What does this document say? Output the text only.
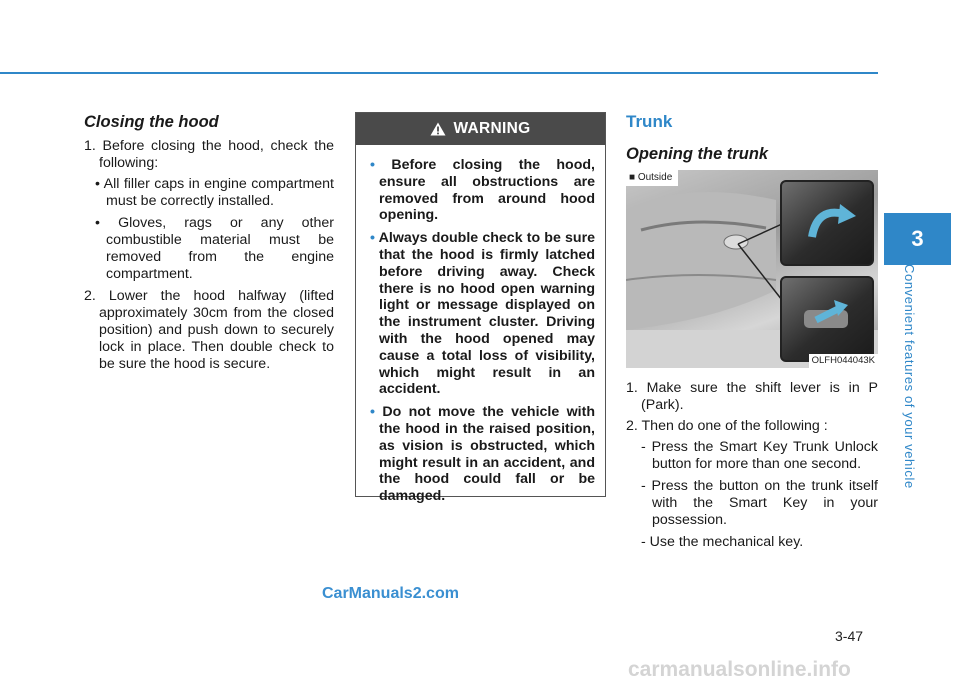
Closing the hood
1. Before closing the hood, check the following:
• All filler caps in engine compartment must be correctly installed.
• Gloves, rags or any other combustible material must be removed from the engine compartment.
2. Lower the hood halfway (lifted approximately 30cm from the closed position) and push down to securely lock in place. Then double check to be sure the hood is secure.
WARNING
• Before closing the hood, ensure all obstructions are removed from around hood opening.
• Always double check to be sure that the hood is firmly latched before driving away. Check there is no hood open warning light or message displayed on the instrument cluster. Driving with the hood opened may cause a total loss of visibility, which might result in an accident.
• Do not move the vehicle with the hood in the raised position, as vision is obstructed, which might result in an accident, and the hood could fall or be damaged.
Trunk
Opening the trunk
■ Outside
OLFH044043K
1. Make sure the shift lever is in P (Park).
2. Then do one of the following :
- Press the Smart Key Trunk Unlock button for more than one second.
- Press the button on the trunk itself with the Smart Key in your possession.
- Use the mechanical key.
3
Convenient features of your vehicle
3-47
CarManuals2.com
carmanualsonline.info
